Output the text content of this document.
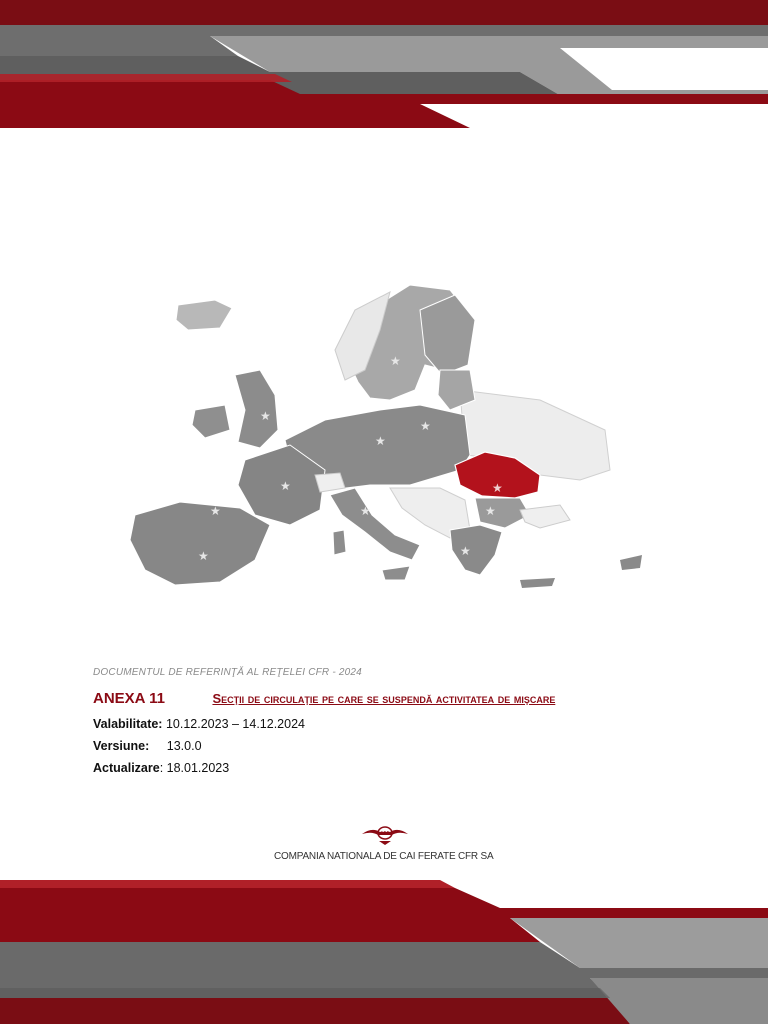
★
★
★
★
★
★
★
★
★
★
★
DOCUMENTUL DE REFERINŢĂ AL REŢELEI CFR - 2024
ANEXA 11	Secţii de circulaţie pe care se suspendă activitatea de mişcare
Valabilitate: 10.12.2023 – 14.12.2024
Versiune: 13.0.0
Actualizare: 18.01.2023
CFR
COMPANIA NATIONALA DE CAI FERATE CFR SA
